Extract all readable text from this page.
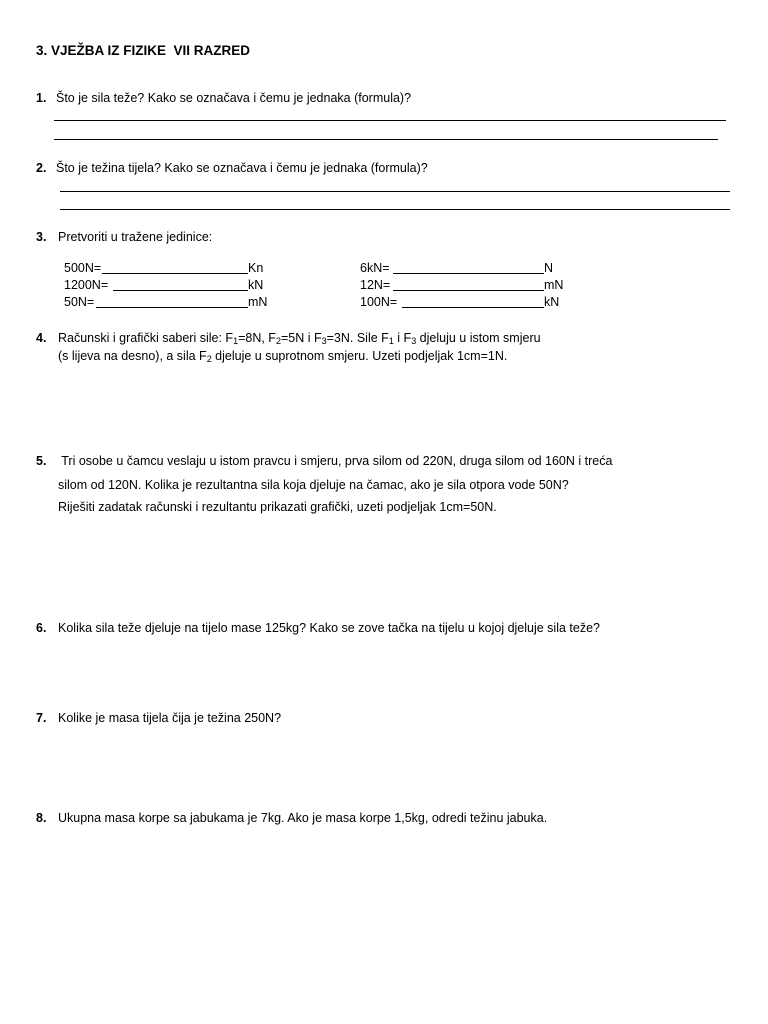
3. VJEŽBA IZ FIZIKE  VII RAZRED
1. Što je sila teže? Kako se označava i čemu je jednaka (formula)?
2. Što je težina tijela? Kako se označava i čemu je jednaka (formula)?
3. Pretvoriti u tražene jedinice:
500N=	Kn
1200N=	kN
50N=	mN
6kN=	N
12N=	mN
100N=	kN
4. Računski i grafički saberi sile: $F_1=8N$, $F_2=5N$ i $F_3=3N$. Sile $F_1$ i $F_3$ djeluju u istom smjeru
(s lijeva na desno), a sila $F_2$ djeluje u suprotnom smjeru. Uzeti podjeljak 1cm=1N.
5. Tri osobe u čamcu veslaju u istom pravcu i smjeru, prva silom od 220N, druga silom od 160N i treća
silom od 120N. Kolika je rezultantna sila koja djeluje na čamac, ako je sila otpora vode 50N?
Riješiti zadatak računski i rezultantu prikazati grafički, uzeti podjeljak 1cm=50N.
6. Kolika sila teže djeluje na tijelo mase 125kg? Kako se zove tačka na tijelu u kojoj djeluje sila teže?
7. Kolike je masa tijela čija je težina 250N?
8. Ukupna masa korpe sa jabukama je 7kg. Ako je masa korpe 1,5kg, odredi težinu jabuka.
